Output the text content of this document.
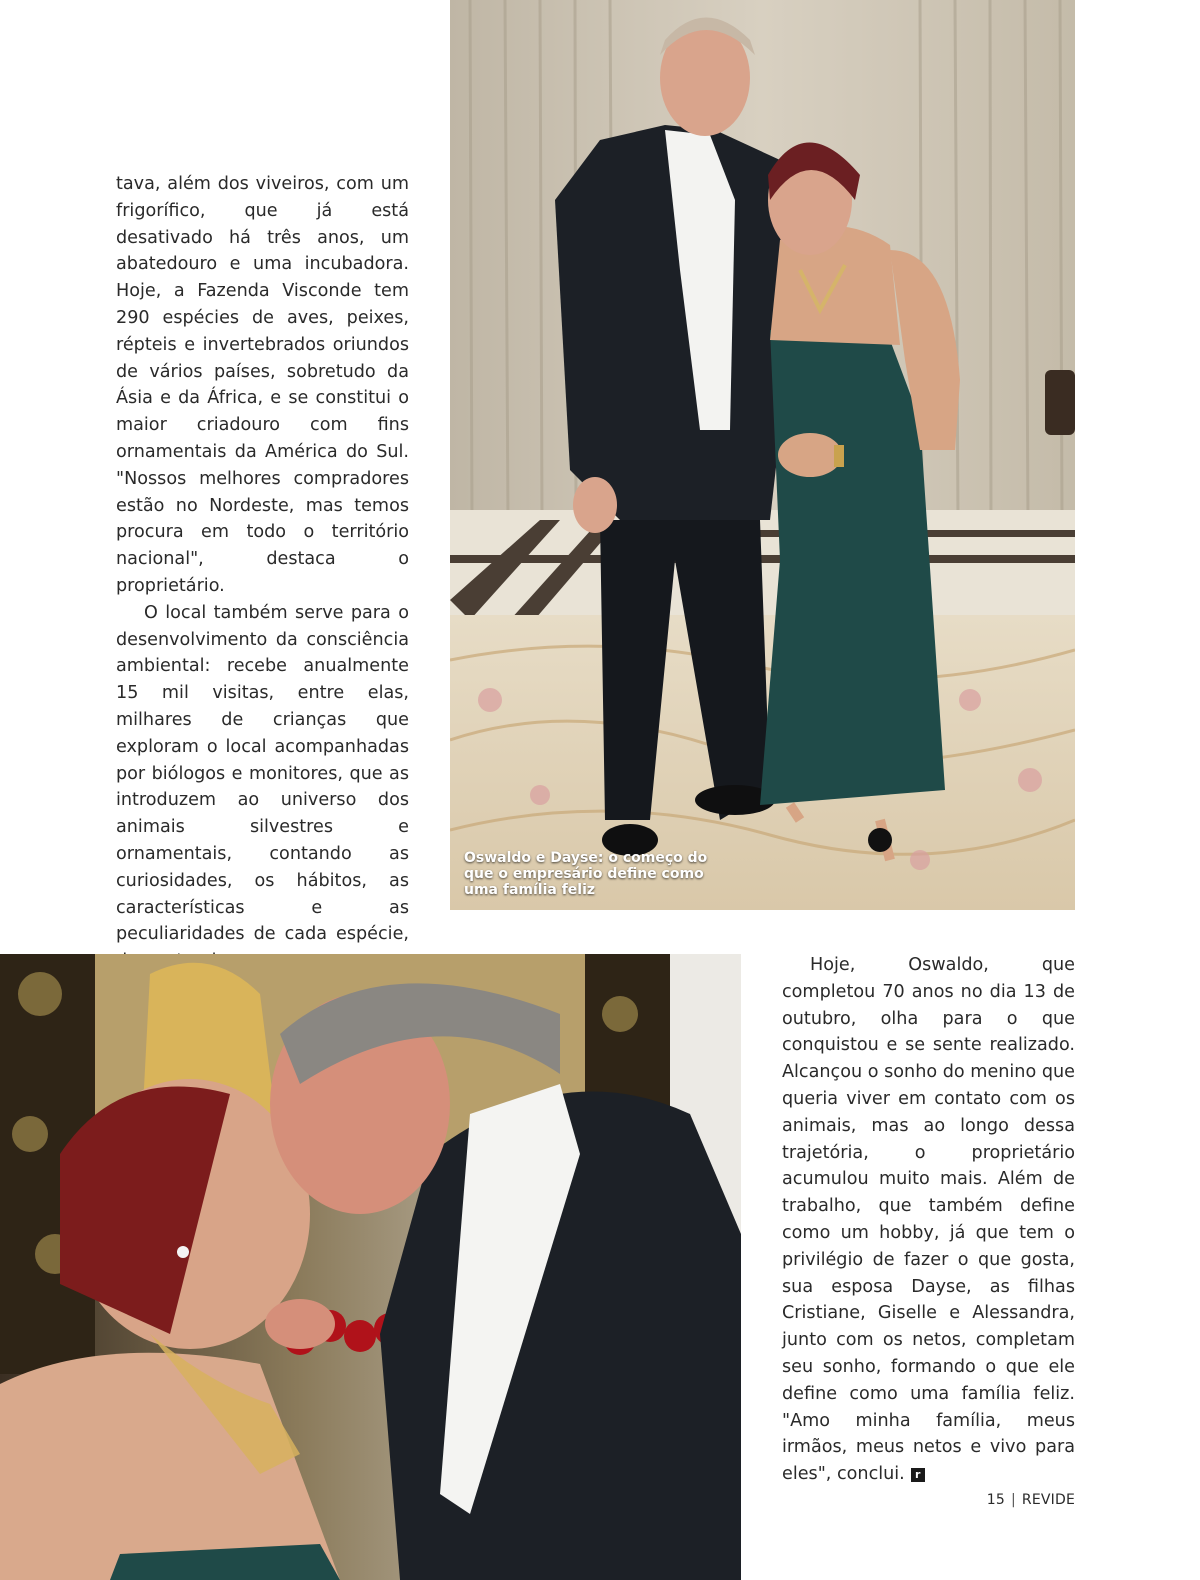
tava, além dos viveiros, com um frigorífico, que já está desativado há três anos, um abatedouro e uma incubadora. Hoje, a Fazenda Visconde tem 290 espécies de aves, peixes, répteis e invertebrados oriundos de vários países, sobretudo da Ásia e da África, e se constitui o maior criadouro com fins ornamentais da América do Sul. "Nossos melhores compradores estão no Nordeste, mas temos procura em todo o território nacional", destaca o proprietário.

O local também serve para o desenvolvimento da consciência ambiental: recebe anualmente 15 mil visitas, entre elas, milhares de crianças que exploram o local acompanhadas por biólogos e monitores, que as introduzem ao universo dos animais silvestres e ornamentais, contando as curiosidades, os hábitos, as características e as peculiaridades de cada espécie,

Oswaldo e Dayse: o começo do que o empresário define como uma família feliz

Hoje, Oswaldo, que completou 70 anos no dia 13 de outubro, olha para o que conquistou e se sente realizado. Alcançou o sonho do menino que queria viver em contato com os animais, mas ao longo dessa trajetória, o proprietário acumulou muito mais. Além de trabalho, que também define como um hobby, já que tem o privilégio de fazer o que gosta, sua esposa Dayse, as filhas Cristiane, Giselle e Alessandra, junto com os netos, completam seu sonho, formando o que ele define como uma família feliz. "Amo minha família, meus irmãos, meus netos e vivo para eles", conclui. r

15 | REVIDE
